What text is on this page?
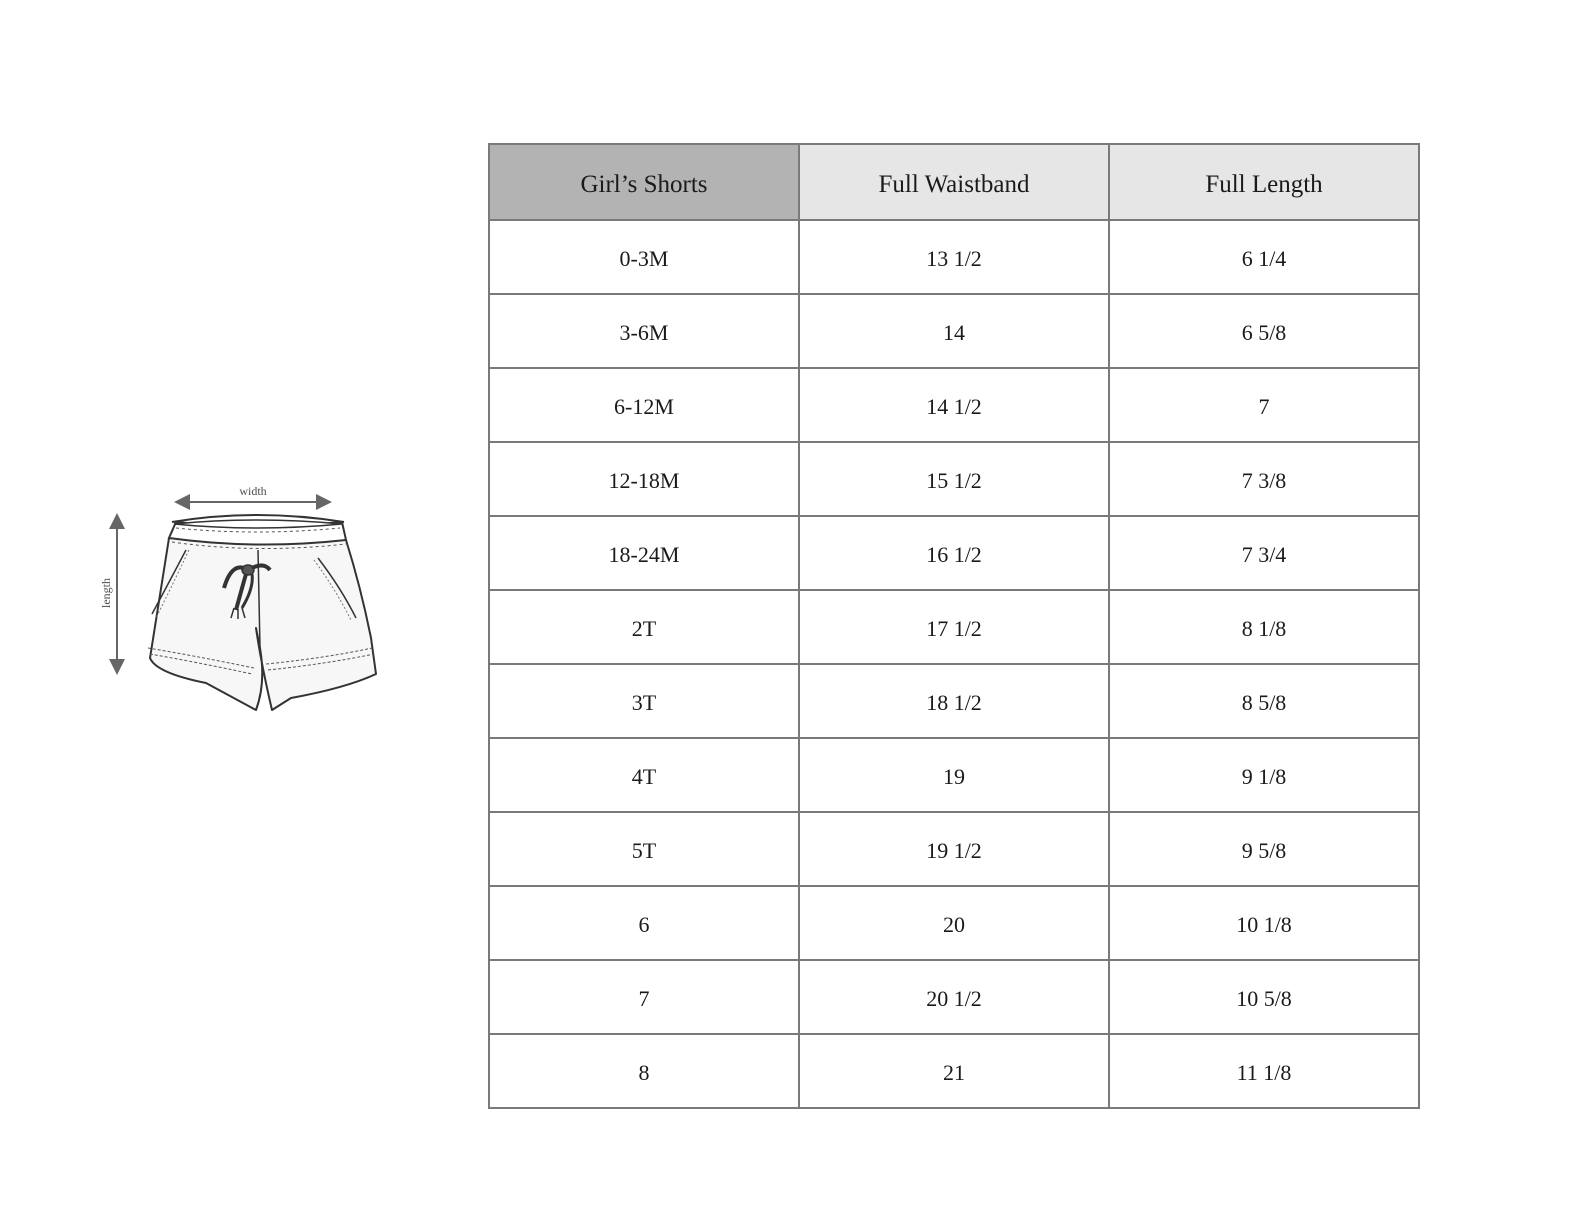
width
length
Girl’s Shorts	Full Waistband	Full Length
0-3M	13 1/2	6 1/4
3-6M	14	6 5/8
6-12M	14 1/2	7
12-18M	15 1/2	7 3/8
18-24M	16 1/2	7 3/4
2T	17 1/2	8 1/8
3T	18 1/2	8 5/8
4T	19	9 1/8
5T	19 1/2	9 5/8
6	20	10 1/8
7	20 1/2	10 5/8
8	21	11 1/8
